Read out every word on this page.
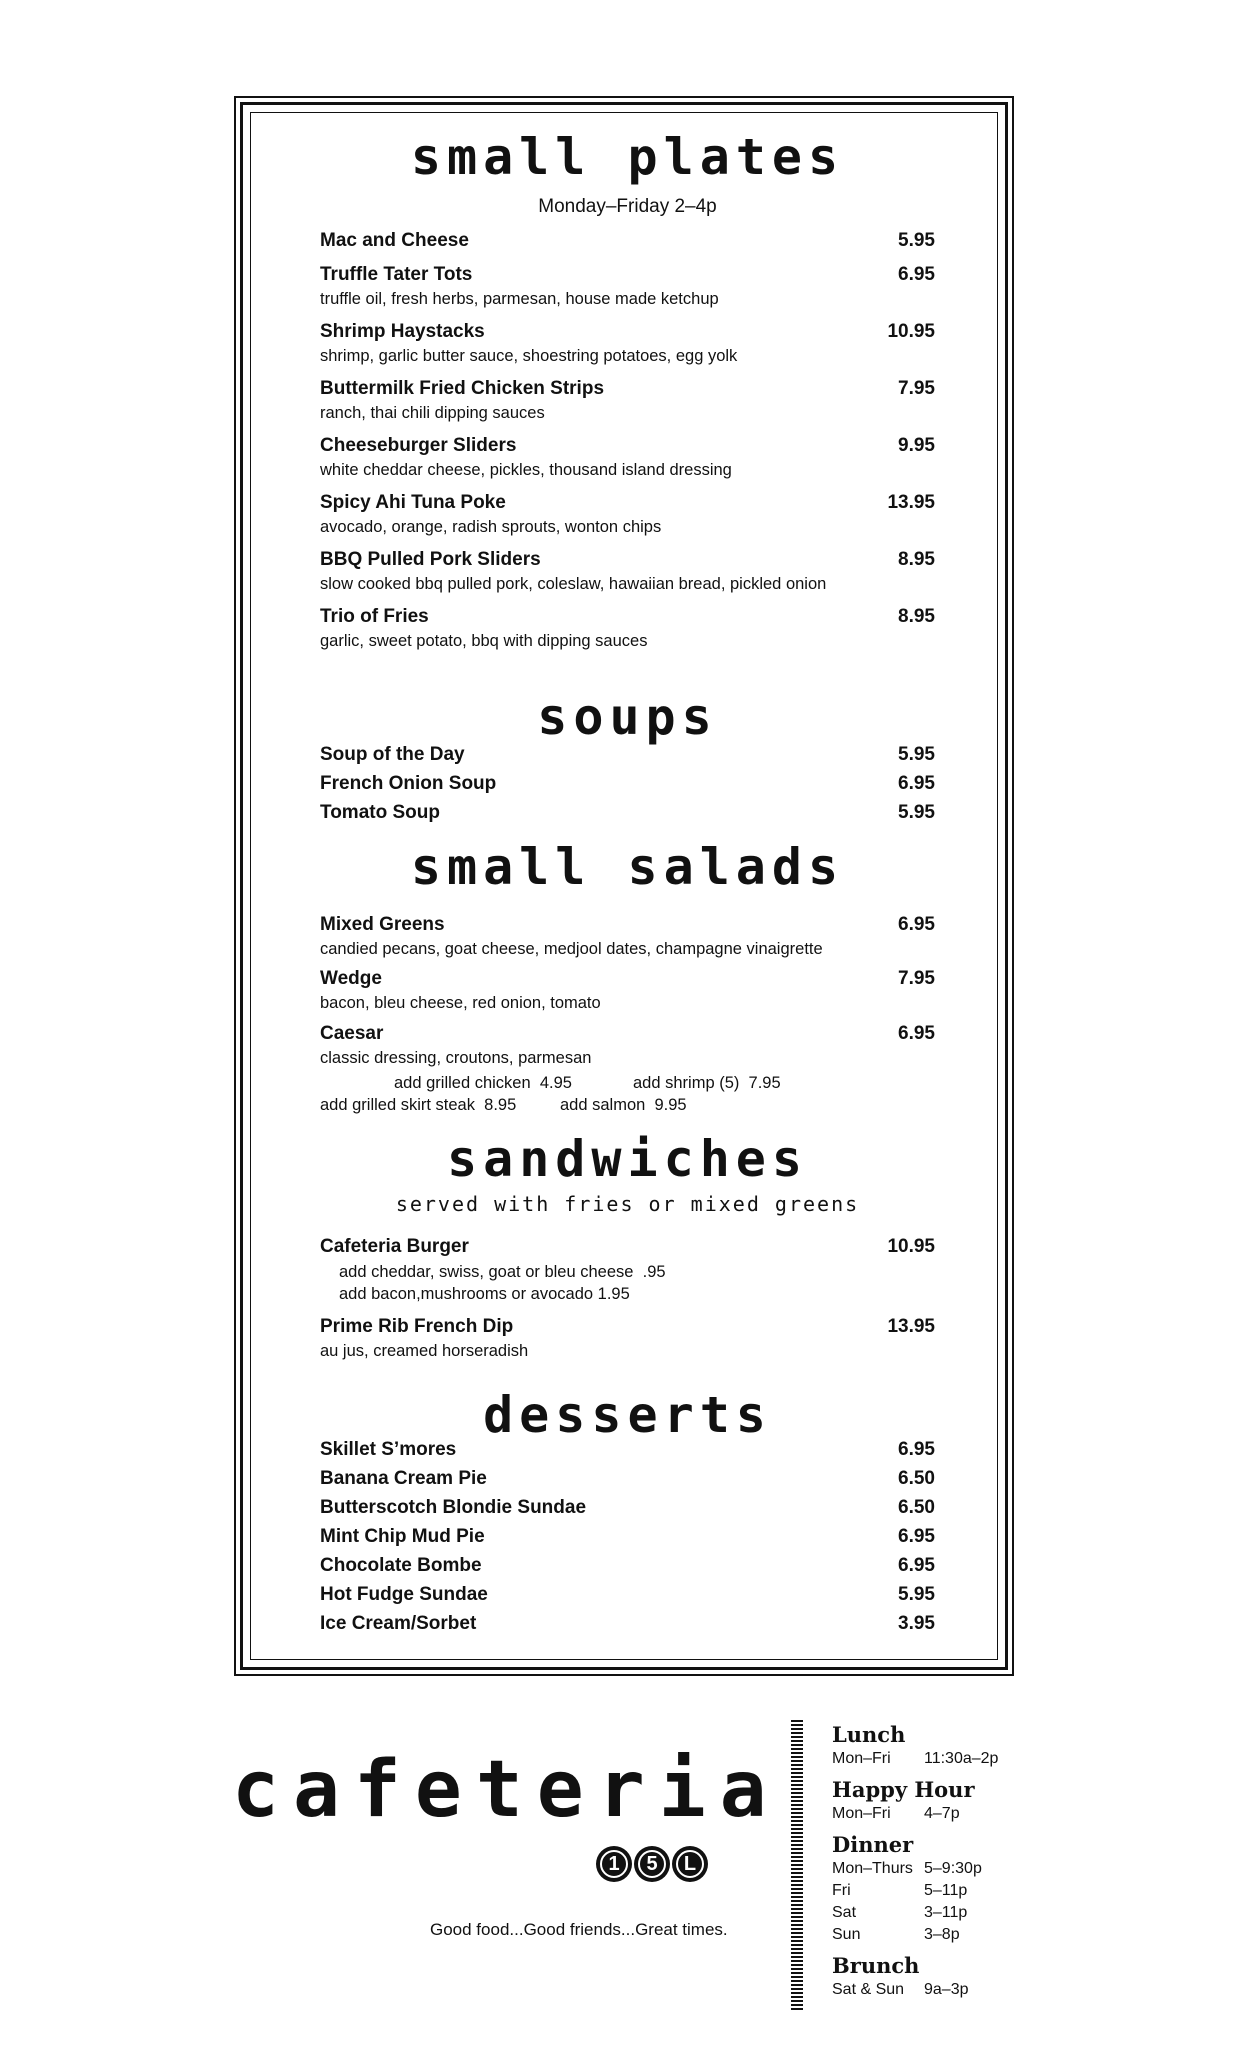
small plates
Monday–Friday 2–4p
Mac and Cheese	5.95
Truffle Tater Tots	6.95
truffle oil, fresh herbs, parmesan, house made ketchup
Shrimp Haystacks	10.95
shrimp, garlic butter sauce, shoestring potatoes, egg yolk
Buttermilk Fried Chicken Strips	7.95
ranch, thai chili dipping sauces
Cheeseburger Sliders	9.95
white cheddar cheese, pickles, thousand island dressing
Spicy Ahi Tuna Poke	13.95
avocado, orange, radish sprouts, wonton chips
BBQ Pulled Pork Sliders	8.95
slow cooked bbq pulled pork, coleslaw, hawaiian bread, pickled onion
Trio of Fries	8.95
garlic, sweet potato, bbq with dipping sauces
soups
Soup of the Day	5.95
French Onion Soup	6.95
Tomato Soup	5.95
small salads
Mixed Greens	6.95
candied pecans, goat cheese, medjool dates, champagne vinaigrette
Wedge	7.95
bacon, bleu cheese, red onion, tomato
Caesar	6.95
classic dressing, croutons, parmesan
add grilled chicken  4.95	add shrimp (5)  7.95
add grilled skirt steak  8.95	add salmon  9.95
sandwiches
served with fries or mixed greens
Cafeteria Burger	10.95
add cheddar, swiss, goat or bleu cheese  .95
add bacon,mushrooms or avocado 1.95
Prime Rib French Dip	13.95
au jus, creamed horseradish
desserts
Skillet S’mores	6.95
Banana Cream Pie	6.50
Butterscotch Blondie Sundae	6.50
Mint Chip Mud Pie	6.95
Chocolate Bombe	6.95
Hot Fudge Sundae	5.95
Ice Cream/Sorbet	3.95
cafeteria
1	5	L
Good food...Good friends...Great times.
Lunch
Mon–Fri	11:30a–2p
Happy Hour
Mon–Fri	4–7p
Dinner
Mon–Thurs 5–9:30p
Fri	5–11p
Sat	3–11p
Sun	3–8p
Brunch
Sat & Sun	9a–3p
